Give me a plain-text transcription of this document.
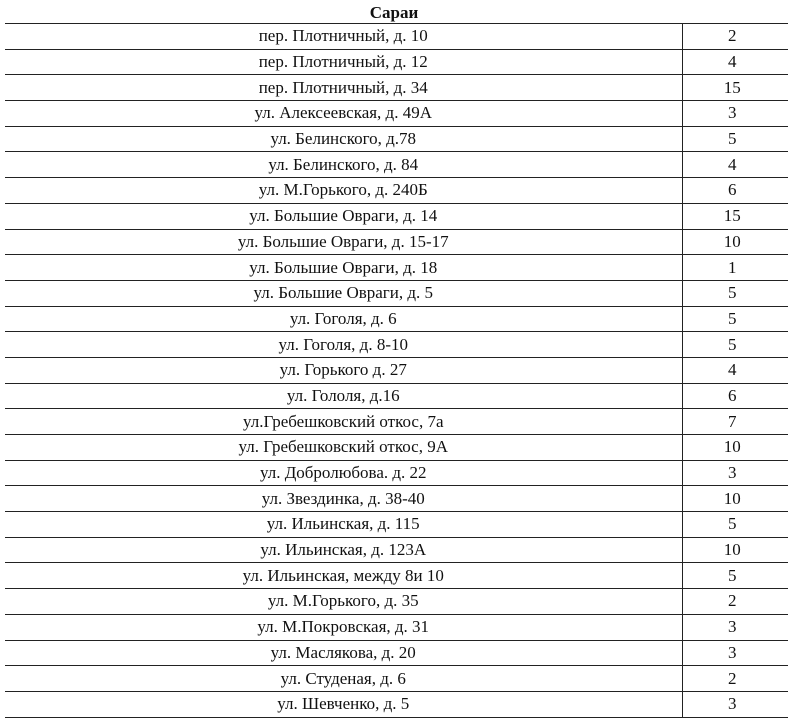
Сараи
пер. Плотничный, д. 10	2
пер. Плотничный, д. 12	4
пер. Плотничный, д. 34	15
ул. Алексеевская, д. 49А	3
ул. Белинского, д.78	5
ул. Белинского, д. 84	4
ул. М.Горького, д. 240Б	6
ул. Большие Овраги, д. 14	15
ул. Большие Овраги, д. 15-17	10
ул. Большие Овраги, д. 18	1
ул. Большие Овраги, д. 5	5
ул. Гоголя, д. 6	5
ул. Гоголя, д. 8-10	5
ул. Горького д. 27	4
ул. Гололя, д.16	6
ул.Гребешковский откос, 7а	7
ул. Гребешковский откос, 9А	10
ул. Добролюбова. д. 22	3
ул. Звездинка, д. 38-40	10
ул. Ильинская, д. 115	5
ул. Ильинская, д. 123А	10
ул. Ильинская, между 8и 10	5
ул. М.Горького, д. 35	2
ул. М.Покровская, д. 31	3
ул. Маслякова, д. 20	3
ул. Студеная, д. 6	2
ул. Шевченко, д. 5	3
